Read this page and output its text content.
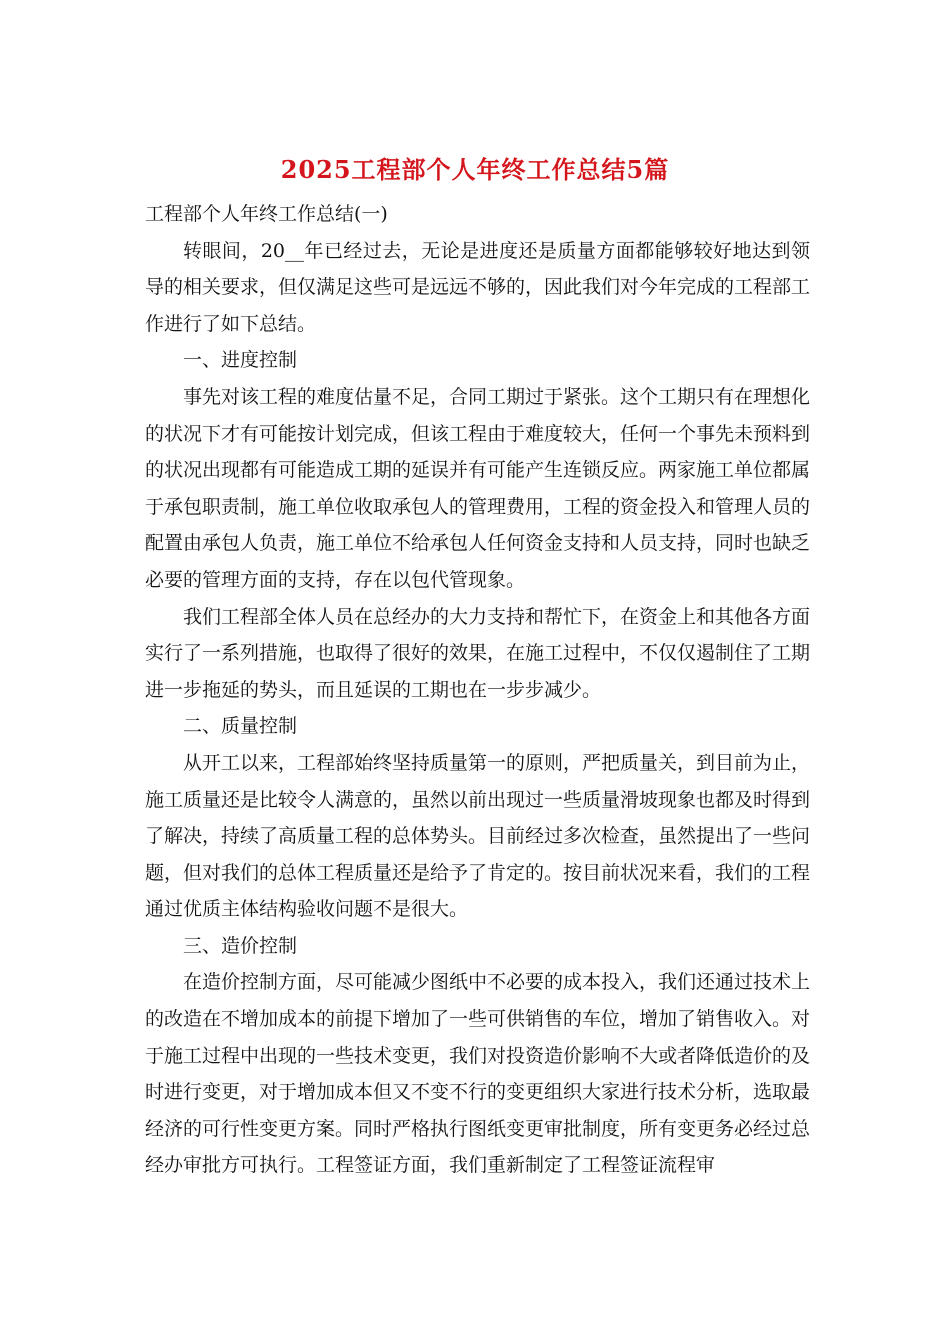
2025工程部个人年终工作总结5篇

工程部个人年终工作总结(一)

转眼间，20__年已经过去，无论是进度还是质量方面都能够较好地达到领导的相关要求，但仅满足这些可是远远不够的，因此我们对今年完成的工程部工作进行了如下总结。

一、进度控制

事先对该工程的难度估量不足，合同工期过于紧张。这个工期只有在理想化的状况下才有可能按计划完成，但该工程由于难度较大，任何一个事先未预料到的状况出现都有可能造成工期的延误并有可能产生连锁反应。两家施工单位都属于承包职责制，施工单位收取承包人的管理费用，工程的资金投入和管理人员的配置由承包人负责，施工单位不给承包人任何资金支持和人员支持，同时也缺乏必要的管理方面的支持，存在以包代管现象。

我们工程部全体人员在总经办的大力支持和帮忙下，在资金上和其他各方面实行了一系列措施，也取得了很好的效果，在施工过程中，不仅仅遏制住了工期进一步拖延的势头，而且延误的工期也在一步步减少。

二、质量控制

从开工以来，工程部始终坚持质量第一的原则，严把质量关，到目前为止，施工质量还是比较令人满意的，虽然以前出现过一些质量滑坡现象也都及时得到了解决，持续了高质量工程的总体势头。目前经过多次检查，虽然提出了一些问题，但对我们的总体工程质量还是给予了肯定的。按目前状况来看，我们的工程通过优质主体结构验收问题不是很大。

三、造价控制

在造价控制方面，尽可能减少图纸中不必要的成本投入，我们还通过技术上的改造在不增加成本的前提下增加了一些可供销售的车位，增加了销售收入。对于施工过程中出现的一些技术变更，我们对投资造价影响不大或者降低造价的及时进行变更，对于增加成本但又不变不行的变更组织大家进行技术分析，选取最经济的可行性变更方案。同时严格执行图纸变更审批制度，所有变更务必经过总经办审批方可执行。工程签证方面，我们重新制定了工程签证流程审
